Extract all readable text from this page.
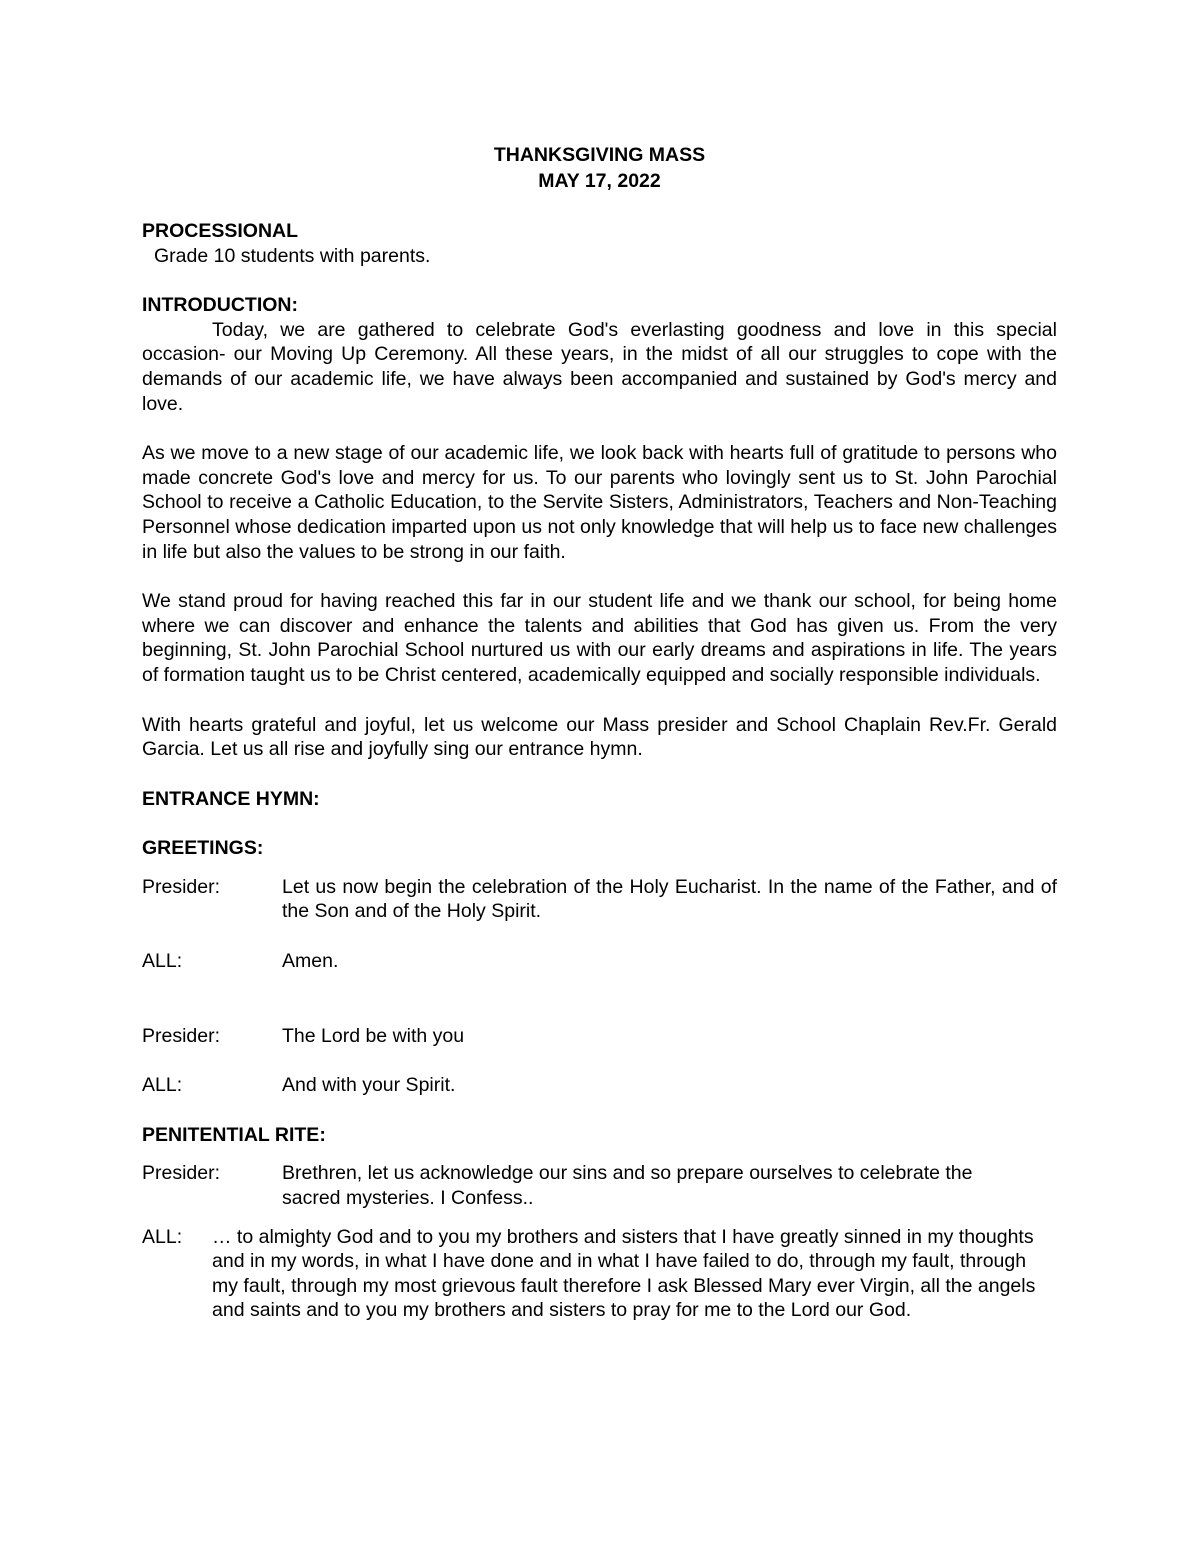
THANKSGIVING MASS

MAY 17, 2022

PROCESSIONAL

Grade 10 students with parents.

INTRODUCTION:

Today, we are gathered to celebrate God's everlasting goodness and love in this special occasion- our Moving Up Ceremony. All these years, in the midst of all our struggles to cope with the demands of our academic life, we have always been accompanied and sustained by God's mercy and love.

As we move to a new stage of our academic life, we look back with hearts full of gratitude to persons who made concrete God's love and mercy for us. To our parents who lovingly sent us to St. John Parochial School to receive a Catholic Education, to the Servite Sisters, Administrators, Teachers and Non-Teaching Personnel whose dedication imparted upon us not only knowledge that will help us to face new challenges in life but also the values to be strong in our faith.

We stand proud for having reached this far in our student life and we thank our school, for being home where we can discover and enhance the talents and abilities that God has given us. From the very beginning, St. John Parochial School nurtured us with our early dreams and aspirations in life. The years of formation taught us to be Christ centered, academically equipped and socially responsible individuals.

With hearts grateful and joyful, let us welcome our Mass presider and School Chaplain Rev.Fr. Gerald Garcia. Let us all rise and joyfully sing our entrance hymn.

ENTRANCE HYMN:

GREETINGS:

Presider:	Let us now begin the celebration of the Holy Eucharist. In the name of the Father, and of the Son and of the Holy Spirit.
ALL:	Amen.
Presider:	The Lord be with you
ALL:	And with your Spirit.

PENITENTIAL RITE:

Presider:	Brethren, let us acknowledge our sins and so prepare ourselves to celebrate the sacred mysteries. I Confess..
ALL:	… to almighty God and to you my brothers and sisters that I have greatly sinned in my thoughts and in my words, in what I have done and in what I have failed to do, through my fault, through my fault, through my most grievous fault therefore I ask Blessed Mary ever Virgin, all the angels and saints and to you my brothers and sisters to pray for me to the Lord our God.
